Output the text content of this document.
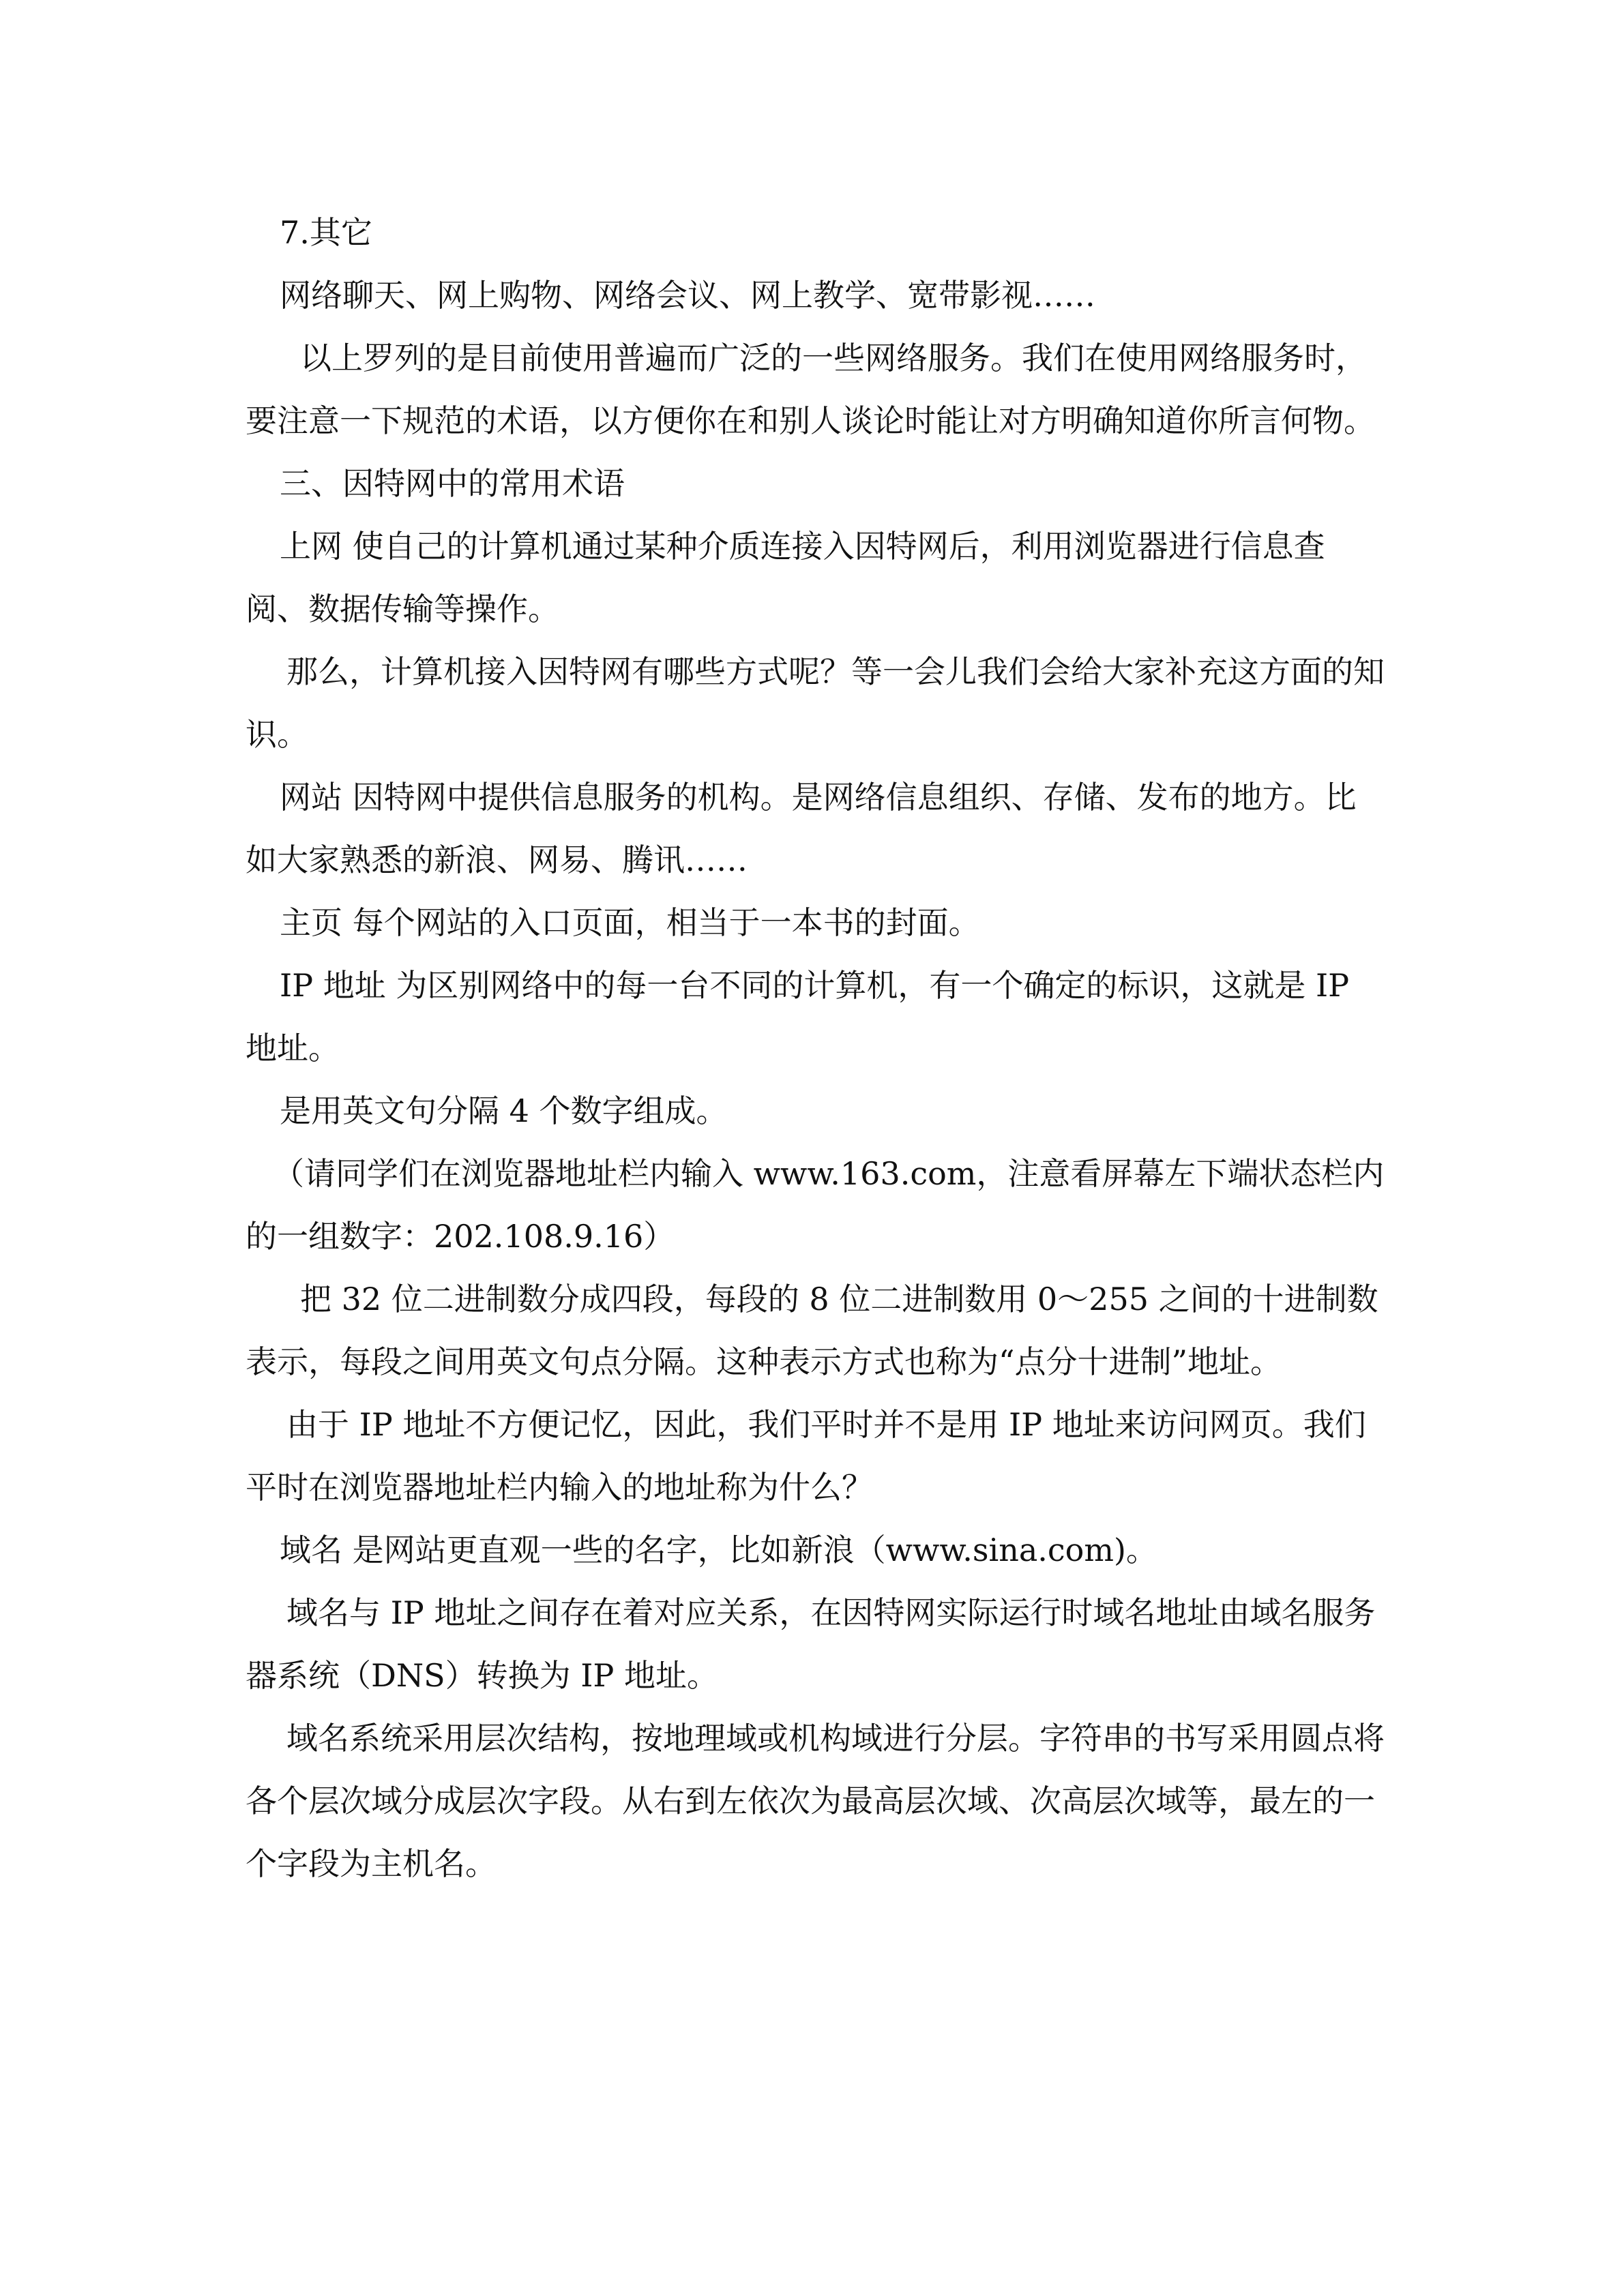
7.其它

网络聊天、网上购物、网络会议、网上教学、宽带影视……

以上罗列的是目前使用普遍而广泛的一些网络服务。我们在使用网络服务时，要注意一下规范的术语，以方便你在和别人谈论时能让对方明确知道你所言何物。

三、因特网中的常用术语

上网 使自己的计算机通过某种介质连接入因特网后，利用浏览器进行信息查阅、数据传输等操作。

那么，计算机接入因特网有哪些方式呢？等一会儿我们会给大家补充这方面的知识。

网站 因特网中提供信息服务的机构。是网络信息组织、存储、发布的地方。比如大家熟悉的新浪、网易、腾讯……

主页 每个网站的入口页面，相当于一本书的封面。

IP 地址 为区别网络中的每一台不同的计算机，有一个确定的标识，这就是 IP 地址。

是用英文句分隔 4 个数字组成。

（请同学们在浏览器地址栏内输入 www.163.com，注意看屏幕左下端状态栏内的一组数字：202.108.9.16）

把 32 位二进制数分成四段，每段的 8 位二进制数用 0～255 之间的十进制数表示，每段之间用英文句点分隔。这种表示方式也称为“点分十进制”地址。

由于 IP 地址不方便记忆，因此，我们平时并不是用 IP 地址来访问网页。我们平时在浏览器地址栏内输入的地址称为什么？

域名 是网站更直观一些的名字，比如新浪（www.sina.com)。

域名与 IP 地址之间存在着对应关系，在因特网实际运行时域名地址由域名服务器系统（DNS）转换为 IP 地址。

域名系统采用层次结构，按地理域或机构域进行分层。字符串的书写采用圆点将各个层次域分成层次字段。从右到左依次为最高层次域、次高层次域等，最左的一个字段为主机名。
